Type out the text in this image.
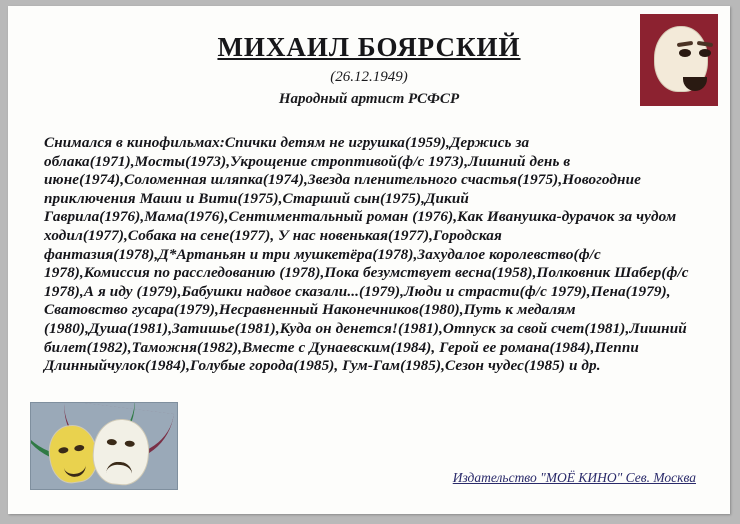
МИХАИЛ БОЯРСКИЙ
(26.12.1949)
Народный артист РСФСР
Снимался в кинофильмах:Спички детям не игрушка(1959),Держись за облака(1971),Мосты(1973),Укрощение строптивой(ф/с 1973),Лишний день в июне(1974),Соломенная шляпка(1974),Звезда пленительного счастья(1975),Новогодние приключения Маши и Вити(1975),Старший сын(1975),Дикий Гаврила(1976),Мама(1976),Сентиментальный роман (1976),Как Иванушка-дурачок за чудом ходил(1977),Собака на сене(1977), У нас новенькая(1977),Городская фантазия(1978),Д*Артаньян и три мушкетёра(1978),Захудалое королевство(ф/с 1978),Комиссия по расследованию (1978),Пока безумствует весна(1958),Полковник Шабер(ф/с 1978),А я иду (1979),Бабушки надвое сказали...(1979),Люди и страсти(ф/с 1979),Пена(1979), Сватовство гусара(1979),Несравненный Наконечников(1980),Путь к медалям (1980),Душа(1981),Затишье(1981),Куда он денется!(1981),Отпуск за свой счет(1981),Лишний билет(1982),Таможня(1982),Вместе с Дунаевским(1984), Герой ее романа(1984),Пеппи Длинныйчулок(1984),Голубые города(1985), Гум-Гам(1985),Сезон чудес(1985) и др.
Издательство "МОЁ КИНО" Сев. Москва
